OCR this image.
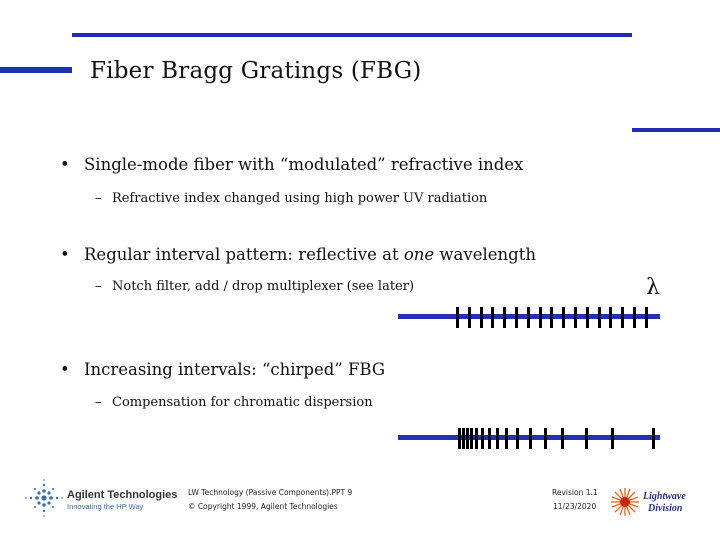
Fiber Bragg Gratings (FBG)
• Single-mode fiber with “modulated” refractive index
– Refractive index changed using high power UV radiation
• Regular interval pattern: reflective at one wavelength
– Notch filter, add / drop multiplexer (see later)
• Increasing intervals: “chirped” FBG
– Compensation for chromatic dispersion
λ
Agilent Technologies
Innovating the HP Way
LW Technology (Passive Components).PPT 9
© Copyright 1999, Agilent Technologies
Revision 1.1
11/23/2020
Lightwave
Division
